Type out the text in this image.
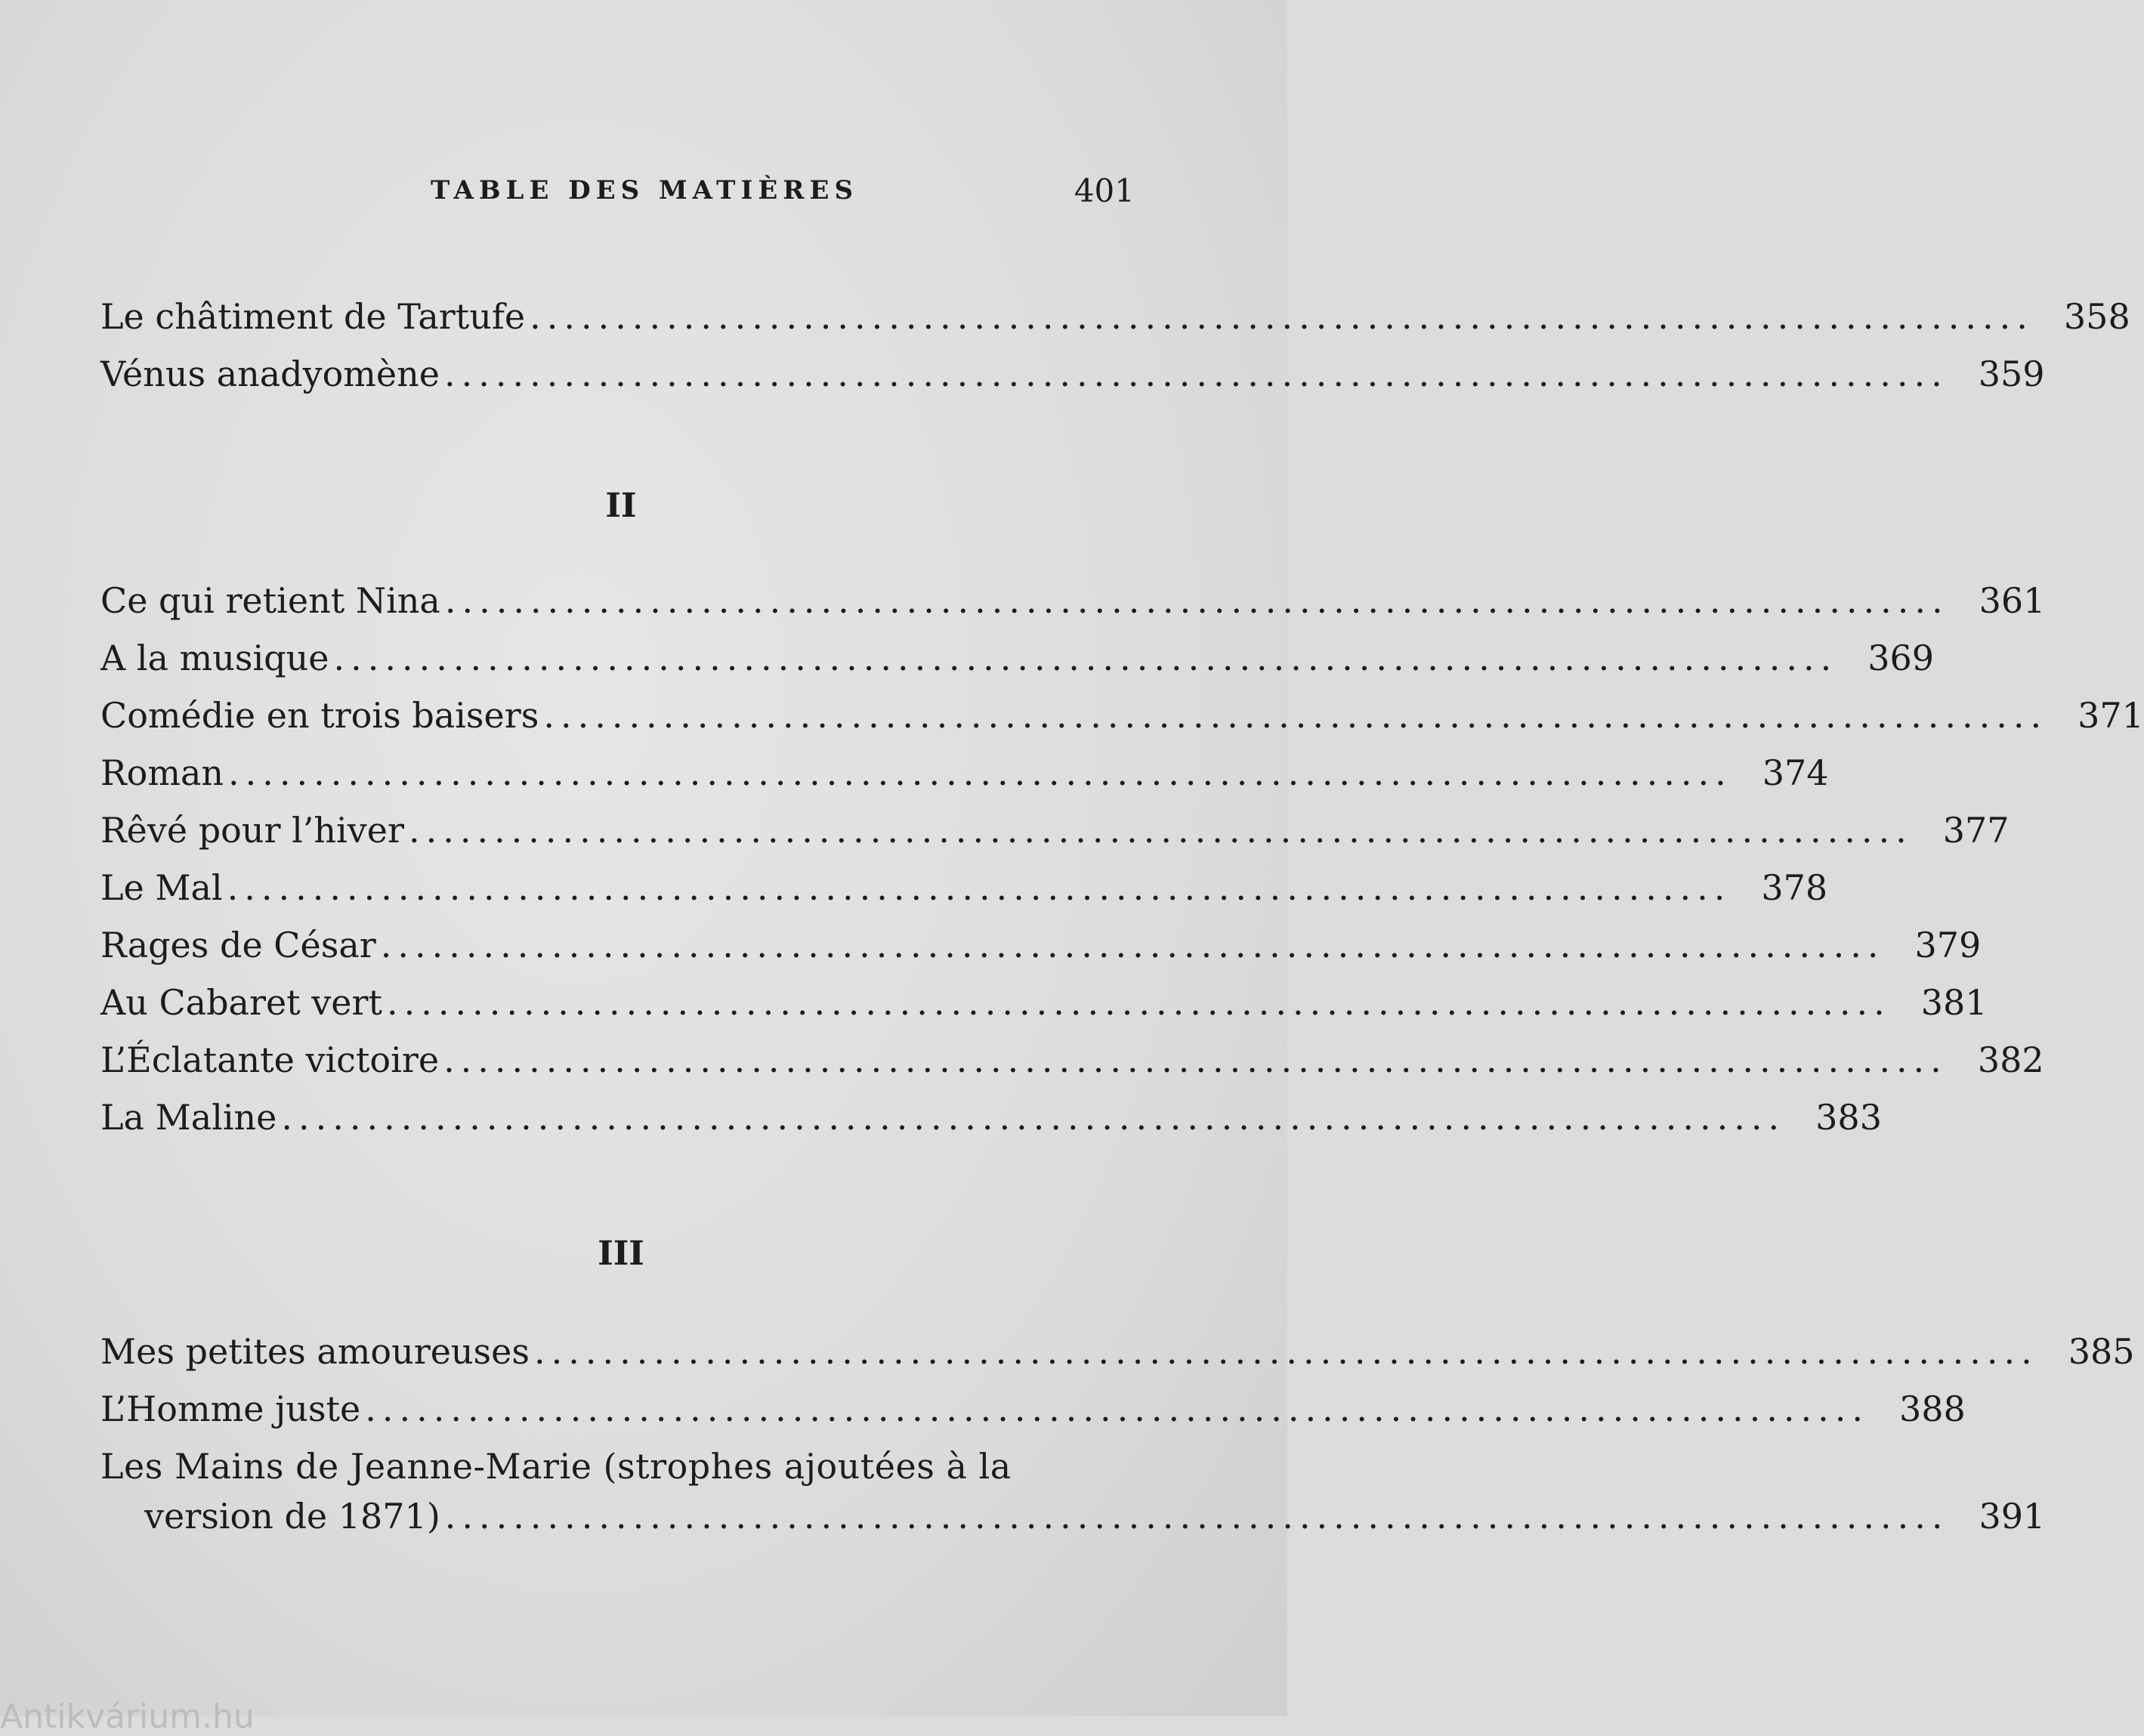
TABLE DES MATIÈRES	401
Le châtiment de Tartufe ........................................................................................ 358
Vénus anadyomène ........................................................................................ 359
II
Ce qui retient Nina ........................................................................................ 361
A la musique ........................................................................................ 369
Comédie en trois baisers ........................................................................................ 371
Roman ........................................................................................ 374
Rêvé pour l’hiver ........................................................................................ 377
Le Mal ........................................................................................ 378
Rages de César ........................................................................................ 379
Au Cabaret vert ........................................................................................ 381
L’Éclatante victoire ........................................................................................ 382
La Maline ........................................................................................ 383
III
Mes petites amoureuses ........................................................................................ 385
L’Homme juste ........................................................................................ 388
Les Mains de Jeanne-Marie (strophes ajoutées à la
version de 1871) ........................................................................................ 391
Antikvárium.hu
